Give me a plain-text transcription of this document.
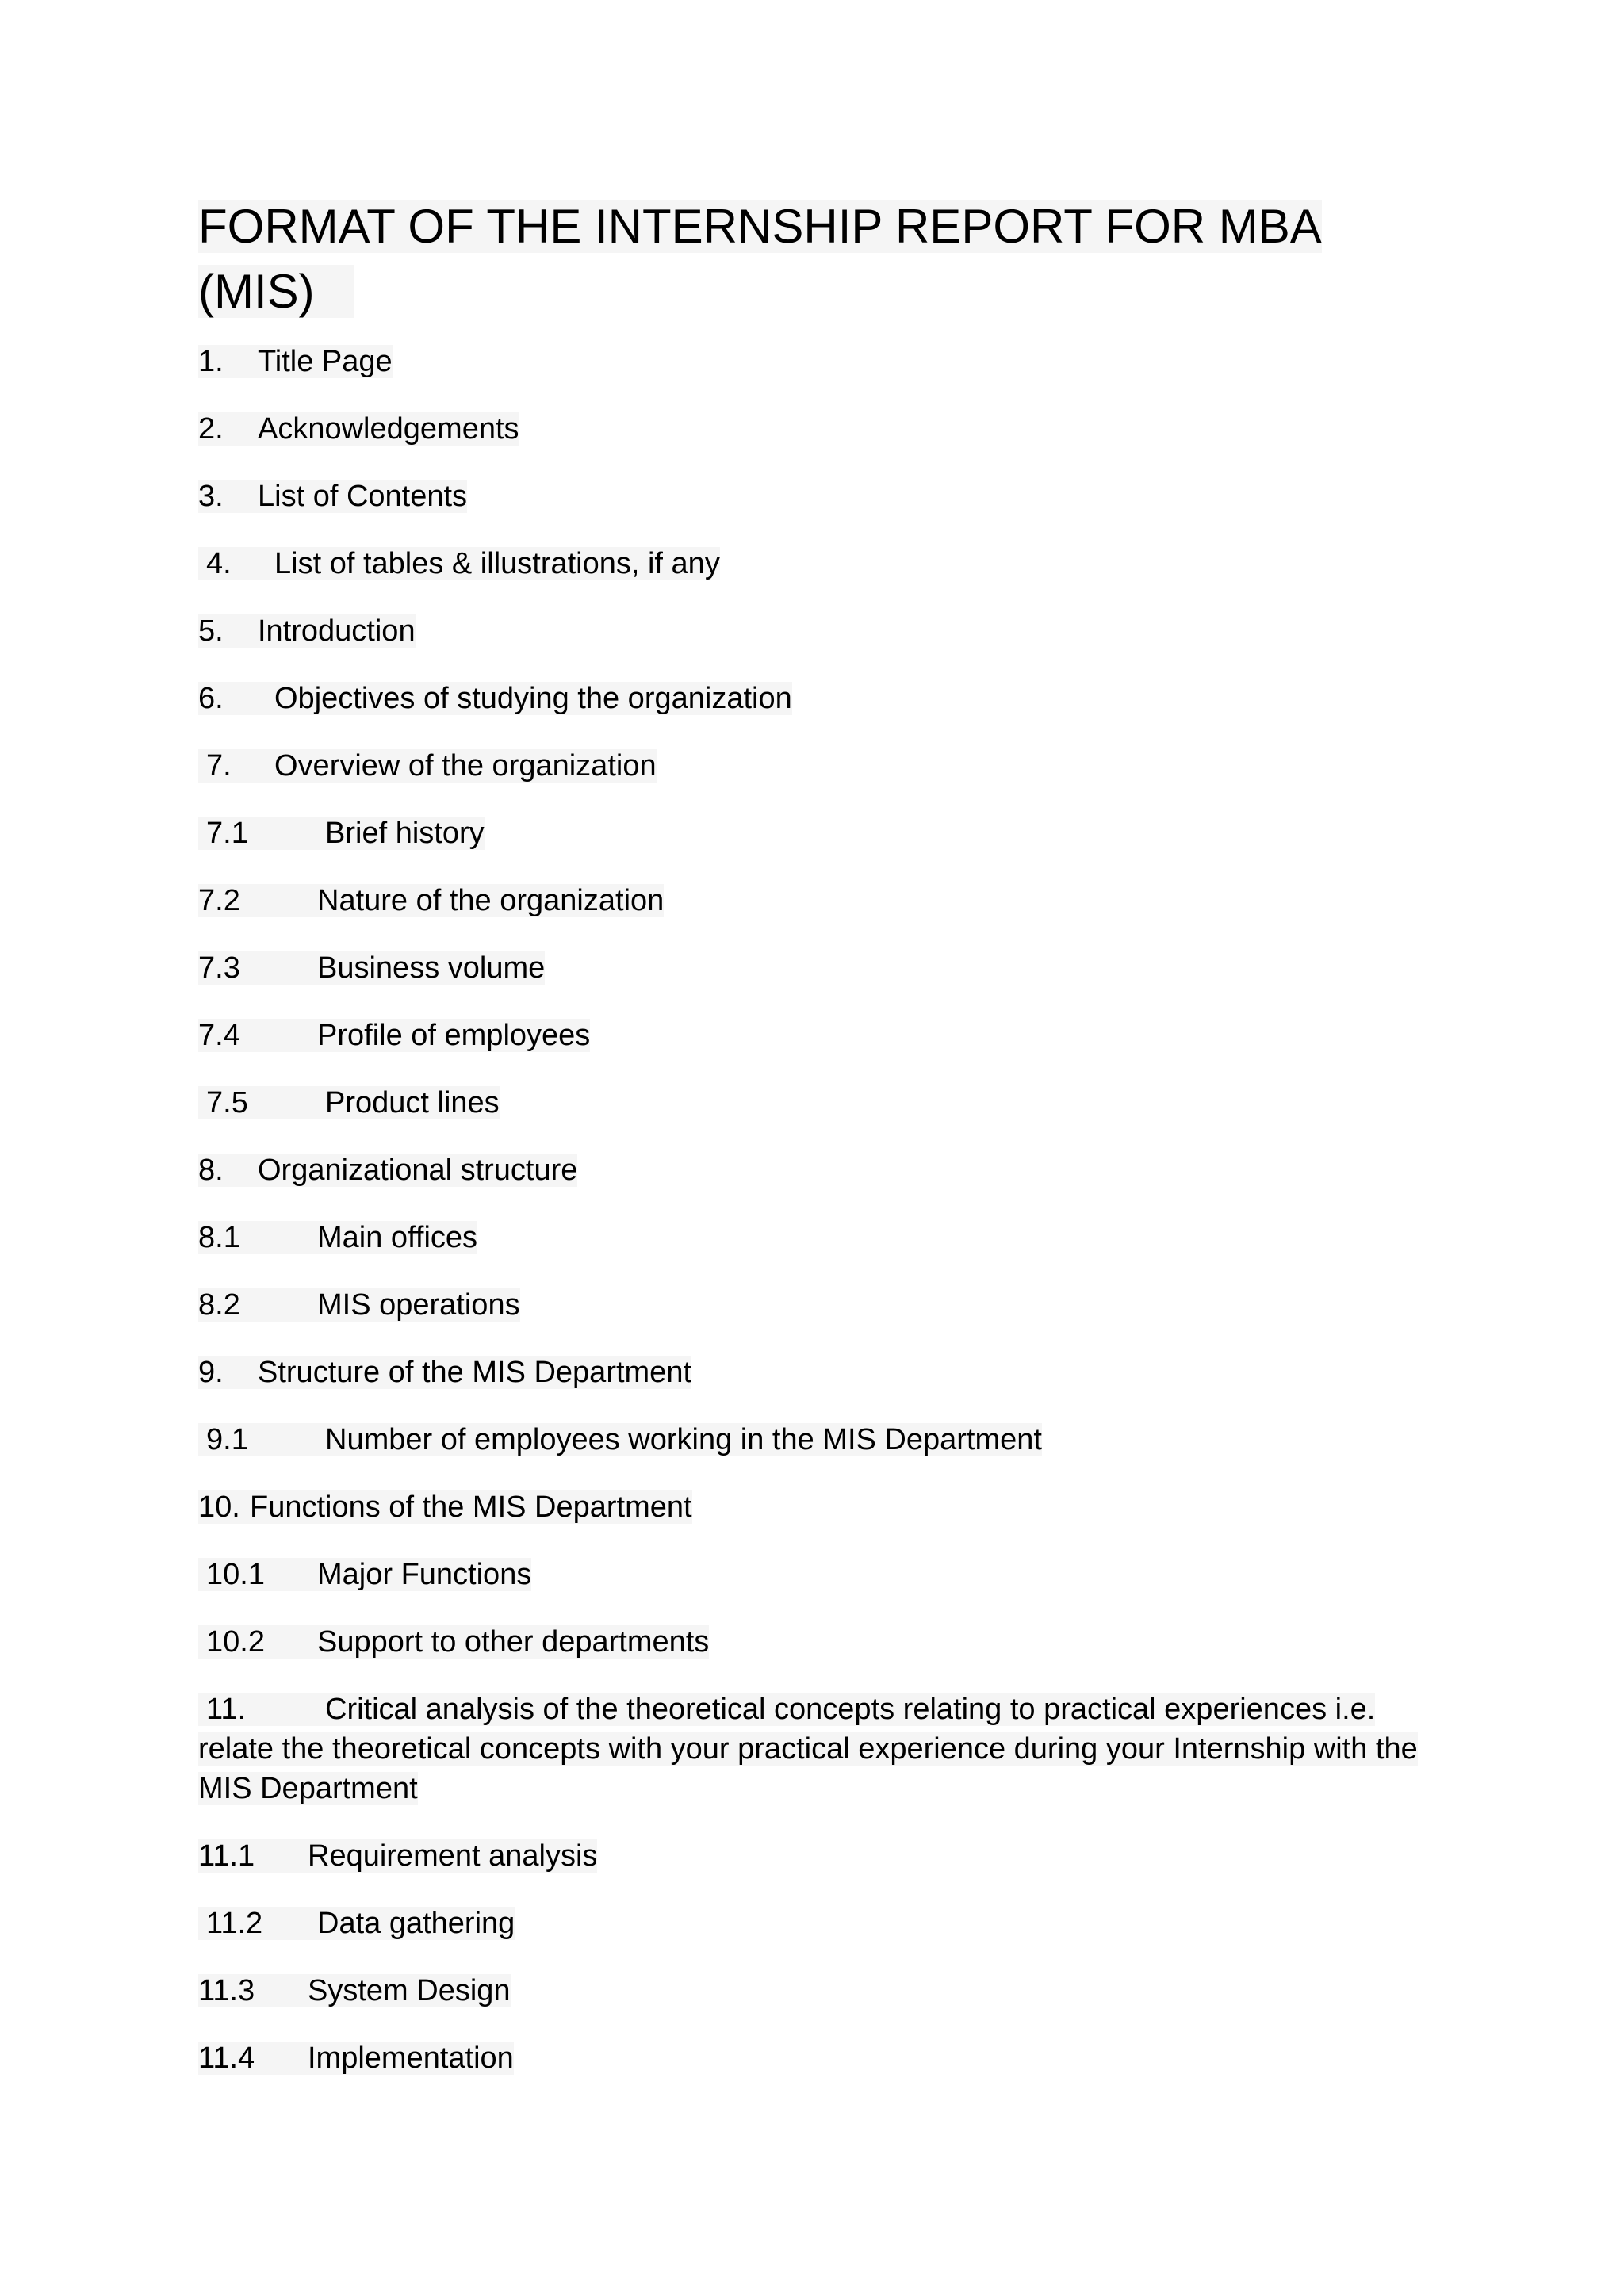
FORMAT OF THE INTERNSHIP REPORT FOR MBA
(MIS)
1. Title Page
2. Acknowledgements
3. List of Contents
4. List of tables & illustrations, if any
5. Introduction
6. Objectives of studying the organization
7. Overview of the organization
7.1	Brief history
7.2	Nature of the organization
7.3	Business volume
7.4	Profile of employees
7.5	Product lines
8. Organizational structure
8.1	Main offices
8.2	MIS operations
9. Structure of the MIS Department
9.1	Number of employees working in the MIS Department
10. Functions of the MIS Department
10.1 Major Functions
10.2 Support to other departments
11.	Critical analysis of the theoretical concepts relating to practical experiences i.e. relate the theoretical concepts with your practical experience during your Internship with the MIS Department
11.1 Requirement analysis
11.2 Data gathering
11.3 System Design
11.4 Implementation
